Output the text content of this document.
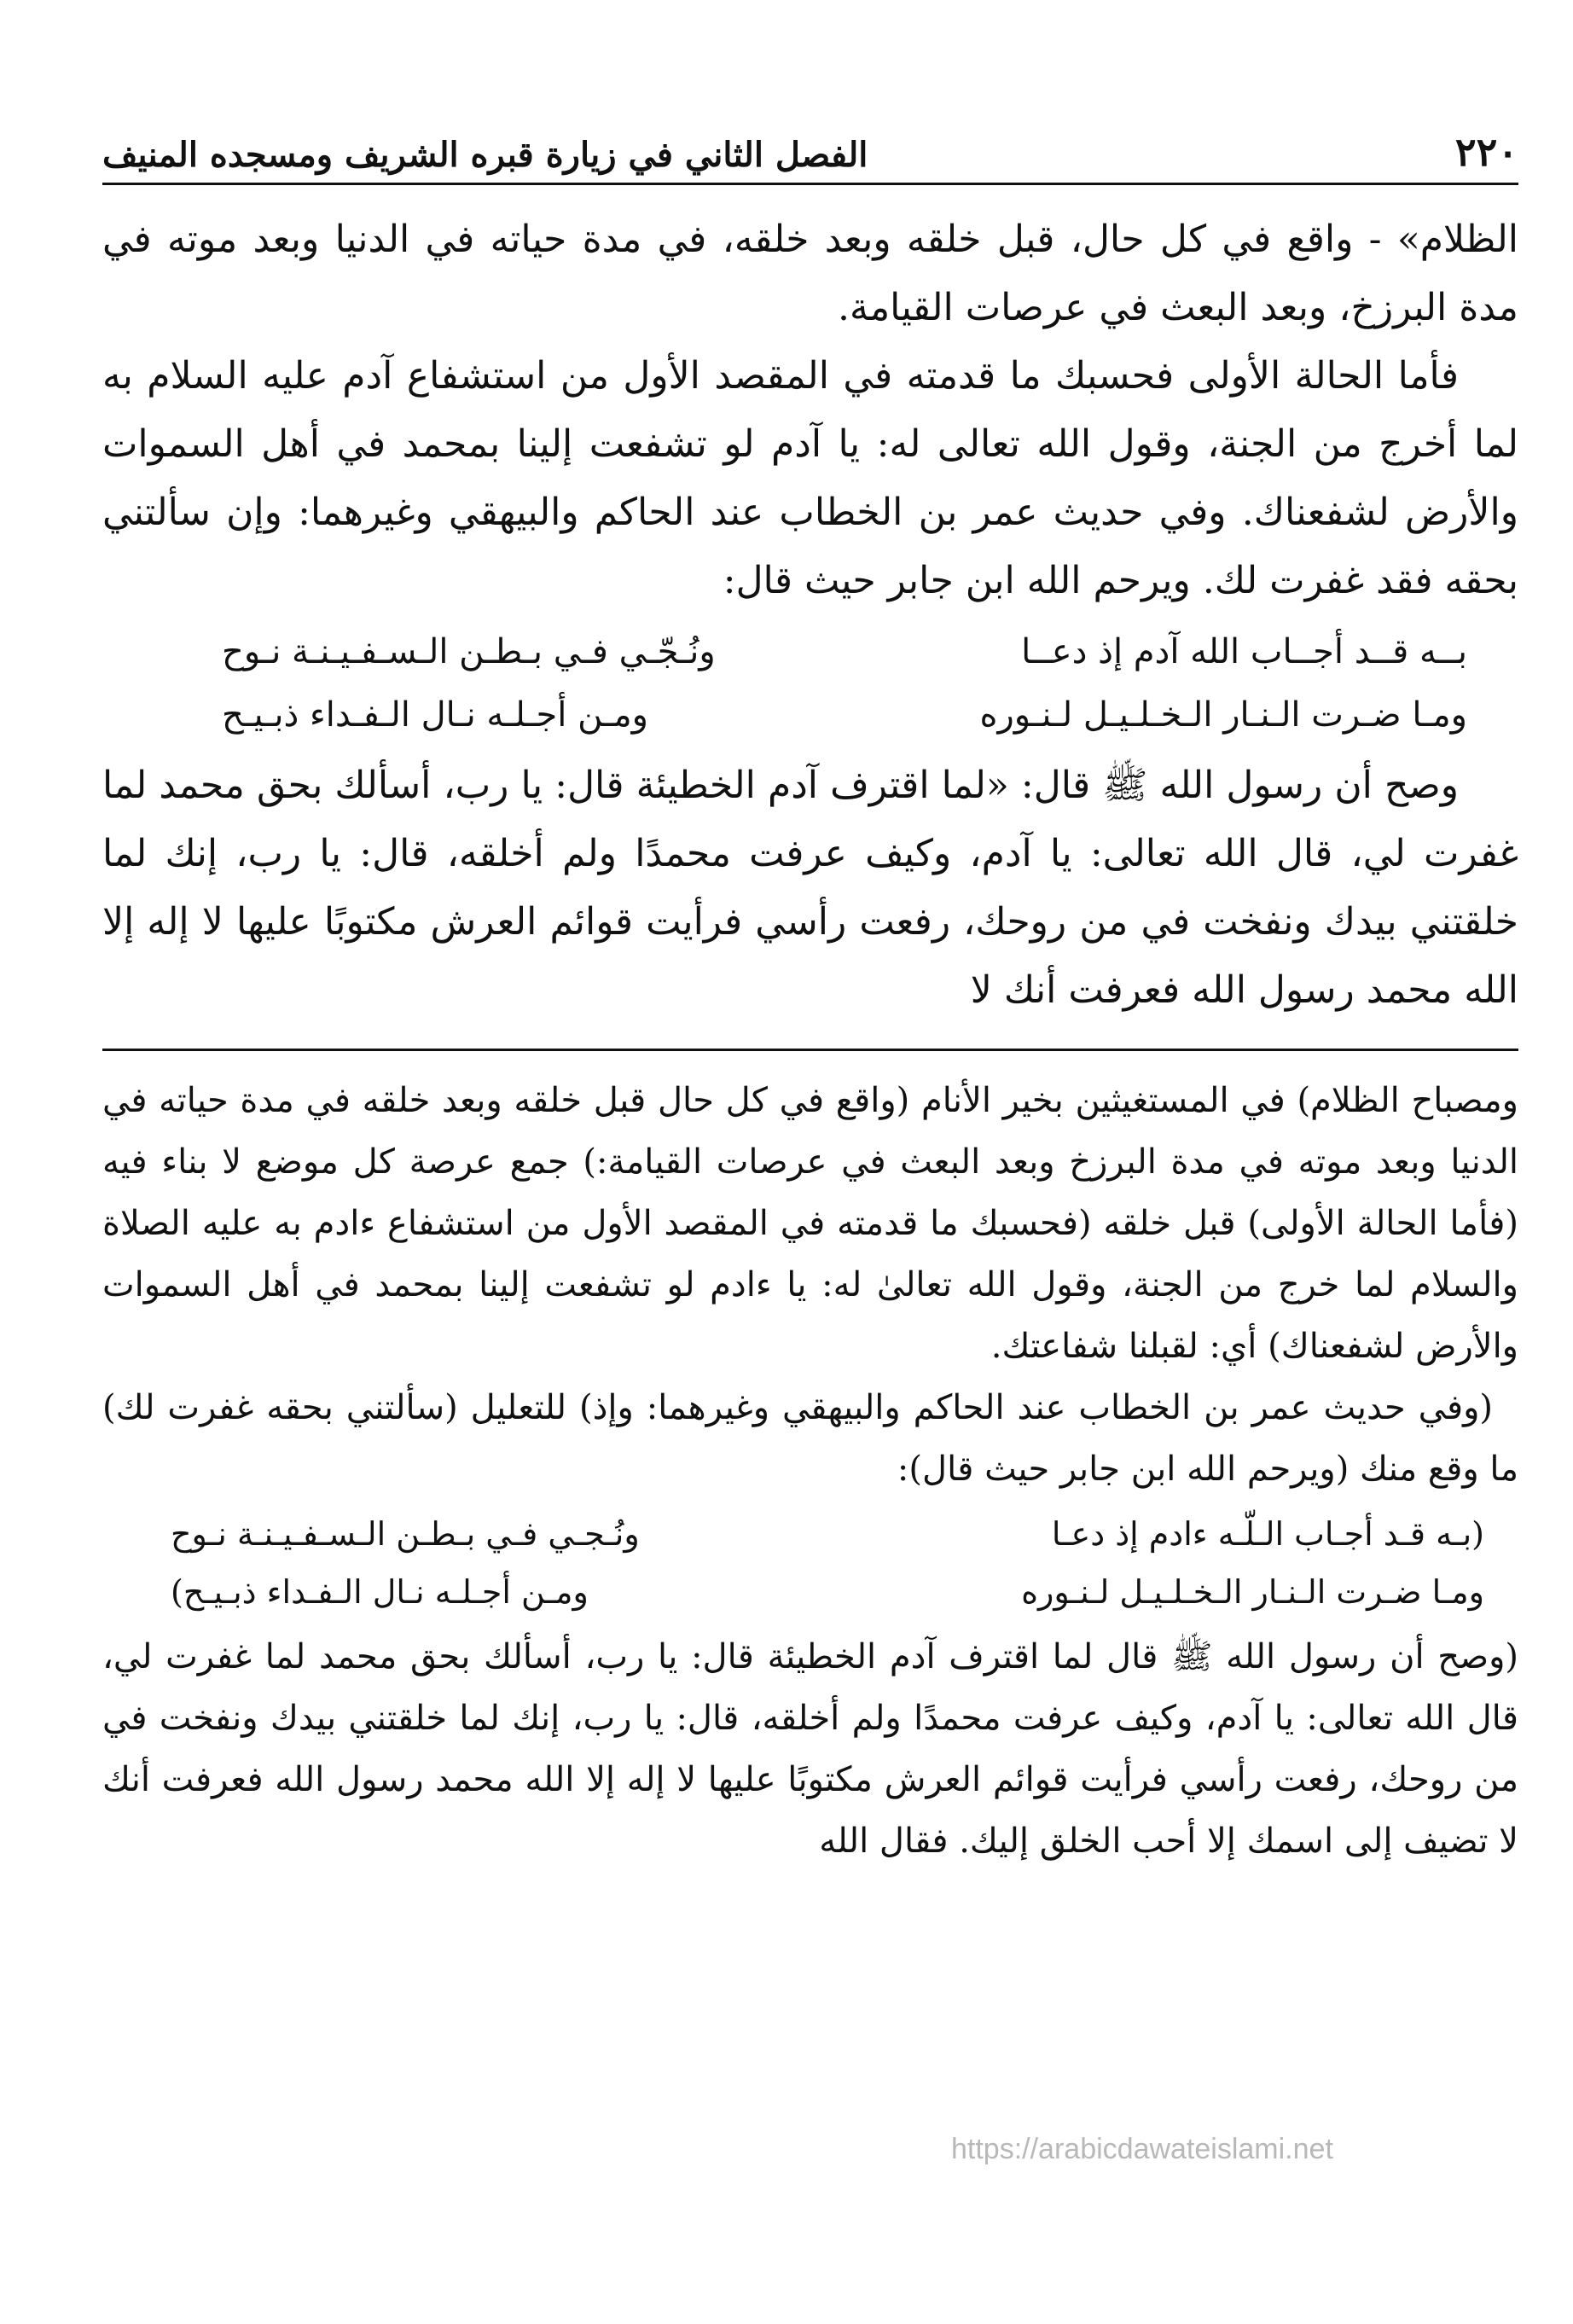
٢٢٠
الفصل الثاني في زيارة قبره الشريف ومسجده المنيف

الظلام» - واقع في كل حال، قبل خلقه وبعد خلقه، في مدة حياته في الدنيا وبعد موته في مدة البرزخ، وبعد البعث في عرصات القيامة.

فأما الحالة الأولى فحسبك ما قدمته في المقصد الأول من استشفاع آدم عليه السلام به لما أخرج من الجنة، وقول الله تعالى له: يا آدم لو تشفعت إلينا بمحمد في أهل السموات والأرض لشفعناك. وفي حديث عمر بن الخطاب عند الحاكم والبيهقي وغيرهما: وإن سألتني بحقه فقد غفرت لك. ويرحم الله ابن جابر حيث قال:

بــه قــد أجــاب الله آدم إذ دعــا
ونُـجّـي فـي بـطـن الـسـفـيـنـة نـوح
ومـا ضـرت الـنـار الـخـلـيـل لـنـوره
ومـن أجـلـه نـال الـفـداء ذبـيـح

وصح أن رسول الله ﷺ قال: «لما اقترف آدم الخطيئة قال: يا رب، أسألك بحق محمد لما غفرت لي، قال الله تعالى: يا آدم، وكيف عرفت محمدًا ولم أخلقه، قال: يا رب، إنك لما خلقتني بيدك ونفخت في من روحك، رفعت رأسي فرأيت قوائم العرش مكتوبًا عليها لا إله إلا الله محمد رسول الله فعرفت أنك لا

ومصباح الظلام) في المستغيثين بخير الأنام (واقع في كل حال قبل خلقه وبعد خلقه في مدة حياته في الدنيا وبعد موته في مدة البرزخ وبعد البعث في عرصات القيامة:) جمع عرصة كل موضع لا بناء فيه (فأما الحالة الأولى) قبل خلقه (فحسبك ما قدمته في المقصد الأول من استشفاع ءادم به عليه الصلاة والسلام لما خرج من الجنة، وقول الله تعالىٰ له: يا ءادم لو تشفعت إلينا بمحمد في أهل السموات والأرض لشفعناك) أي: لقبلنا شفاعتك.

(وفي حديث عمر بن الخطاب عند الحاكم والبيهقي وغيرهما: وإذ) للتعليل (سألتني بحقه غفرت لك) ما وقع منك (ويرحم الله ابن جابر حيث قال):

(بـه قـد أجـاب الـلّـه ءادم إذ دعـا
ونُـجـي فـي بـطـن الـسـفـيـنـة نـوح
ومـا ضـرت الـنـار الـخـلـيـل لـنـوره
ومـن أجـلـه نـال الـفـداء ذبـيـح)

(وصح أن رسول الله ﷺ قال لما اقترف آدم الخطيئة قال: يا رب، أسألك بحق محمد لما غفرت لي، قال الله تعالى: يا آدم، وكيف عرفت محمدًا ولم أخلقه، قال: يا رب، إنك لما خلقتني بيدك ونفخت في من روحك، رفعت رأسي فرأيت قوائم العرش مكتوبًا عليها لا إله إلا الله محمد رسول الله فعرفت أنك لا تضيف إلى اسمك إلا أحب الخلق إليك. فقال الله

https://arabicdawateislami.net
